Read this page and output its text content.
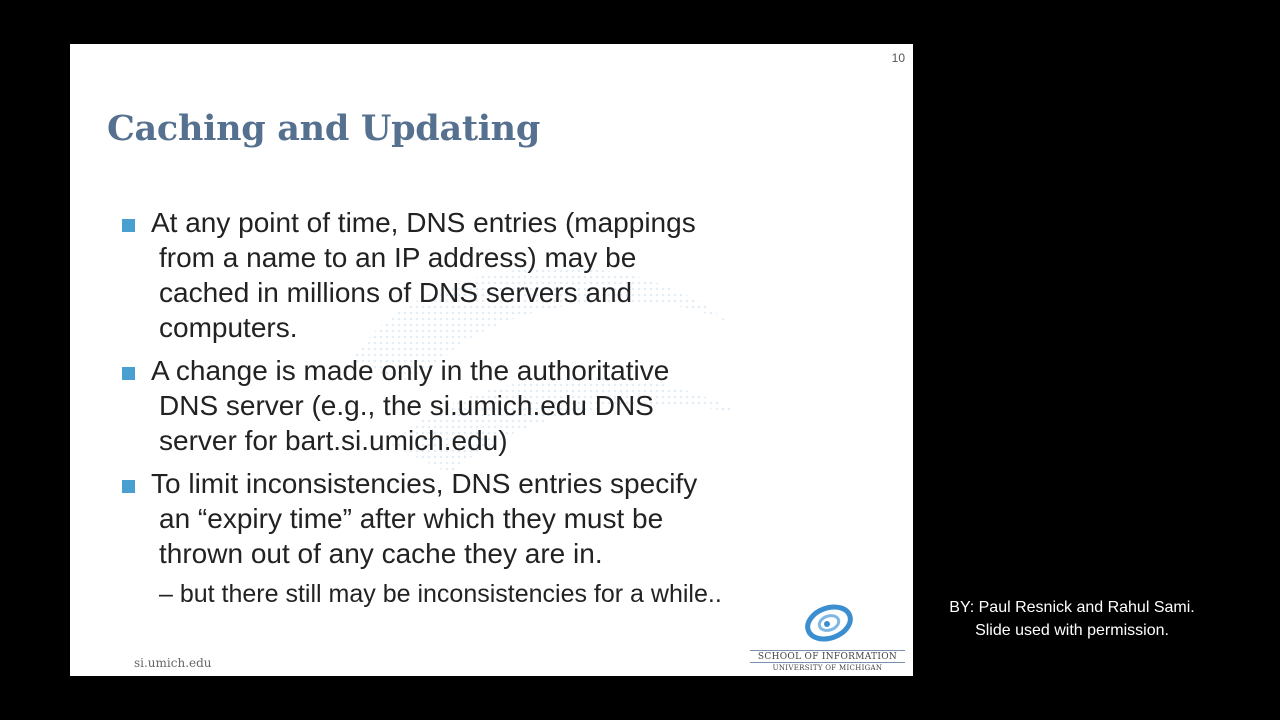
10
Caching and Updating
At any point of time, DNS entries (mappings
from a name to an IP address) may be
cached in millions of DNS servers and
computers.
A change is made only in the authoritative
DNS server (e.g., the si.umich.edu DNS
server for bart.si.umich.edu)
To limit inconsistencies, DNS entries specify
an “expiry time” after which they must be
thrown out of any cache they are in.
– but there still may be inconsistencies for a while..
si.umich.edu	SCHOOL OF INFORMATION
UNIVERSITY OF MICHIGAN
BY: Paul Resnick and Rahul Sami.
Slide used with permission.
